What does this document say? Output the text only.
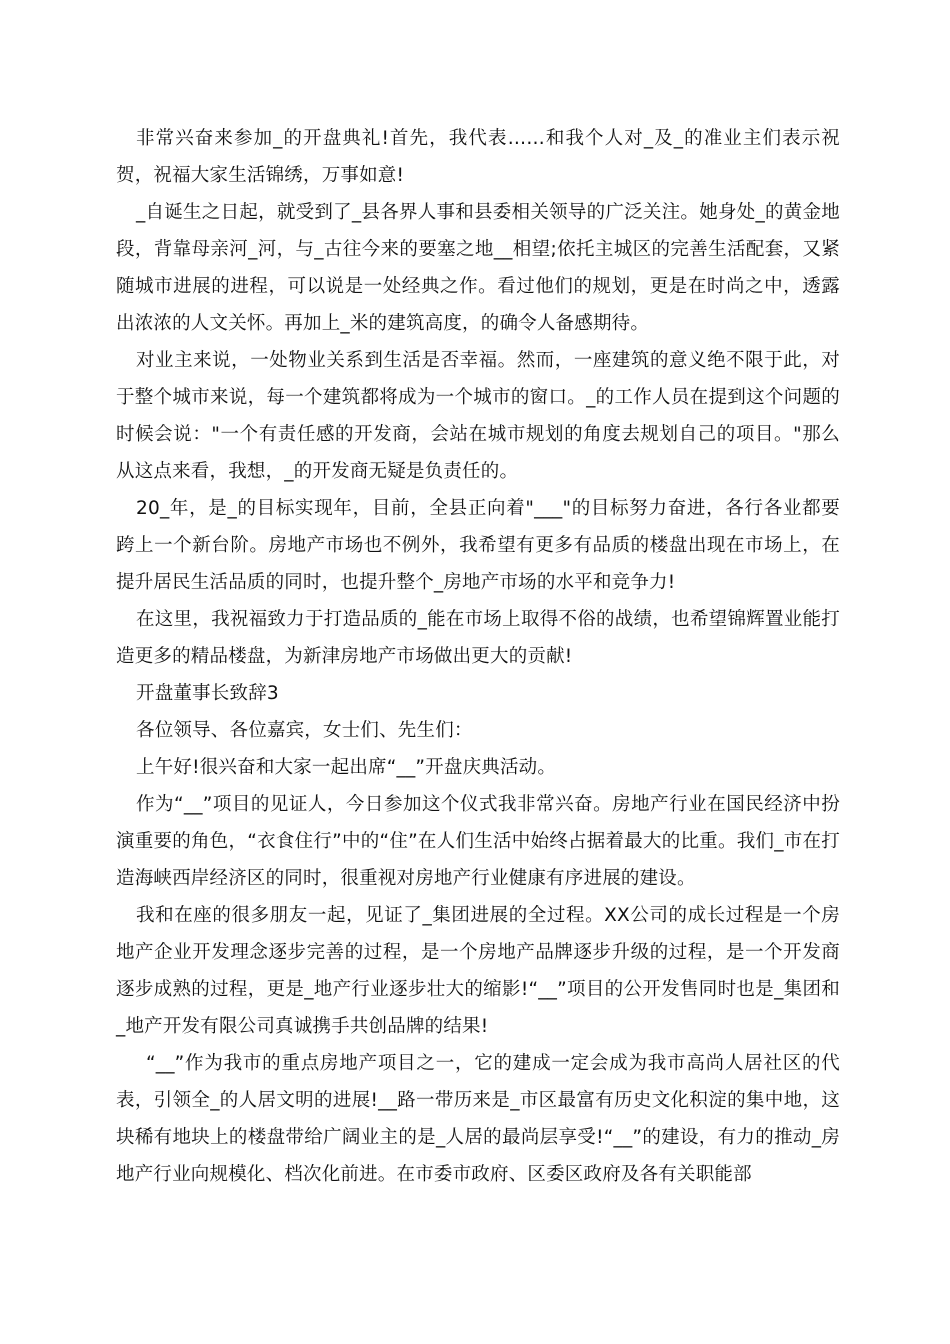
非常兴奋来参加_的开盘典礼!首先，我代表……和我个人对_及_的准业主们表示祝贺，祝福大家生活锦绣，万事如意!

_自诞生之日起，就受到了_县各界人事和县委相关领导的广泛关注。她身处_的黄金地段，背靠母亲河_河，与_古往今来的要塞之地__相望;依托主城区的完善生活配套，又紧随城市进展的进程，可以说是一处经典之作。看过他们的规划，更是在时尚之中，透露出浓浓的人文关怀。再加上_米的建筑高度，的确令人备感期待。

对业主来说，一处物业关系到生活是否幸福。然而，一座建筑的意义绝不限于此，对于整个城市来说，每一个建筑都将成为一个城市的窗口。_的工作人员在提到这个问题的时候会说："一个有责任感的开发商，会站在城市规划的角度去规划自己的项目。"那么从这点来看，我想，_的开发商无疑是负责任的。

20_年，是_的目标实现年，目前，全县正向着"___"的目标努力奋进，各行各业都要跨上一个新台阶。房地产市场也不例外，我希望有更多有品质的楼盘出现在市场上，在提升居民生活品质的同时，也提升整个_房地产市场的水平和竞争力!

在这里，我祝福致力于打造品质的_能在市场上取得不俗的战绩，也希望锦辉置业能打造更多的精品楼盘，为新津房地产市场做出更大的贡献!

开盘董事长致辞3

各位领导、各位嘉宾，女士们、先生们：

上午好!很兴奋和大家一起出席“__”开盘庆典活动。

作为“__”项目的见证人，今日参加这个仪式我非常兴奋。房地产行业在国民经济中扮演重要的角色，“衣食住行”中的“住”在人们生活中始终占据着最大的比重。我们_市在打造海峡西岸经济区的同时，很重视对房地产行业健康有序进展的建设。

我和在座的很多朋友一起，见证了_集团进展的全过程。XX公司的成长过程是一个房地产企业开发理念逐步完善的过程，是一个房地产品牌逐步升级的过程，是一个开发商逐步成熟的过程，更是_地产行业逐步壮大的缩影!“__”项目的公开发售同时也是_集团和_地产开发有限公司真诚携手共创品牌的结果!

“__”作为我市的重点房地产项目之一，它的建成一定会成为我市高尚人居社区的代表，引领全_的人居文明的进展!__路一带历来是_市区最富有历史文化积淀的集中地，这块稀有地块上的楼盘带给广阔业主的是_人居的最尚层享受!“__”的建设，有力的推动_房地产行业向规模化、档次化前进。在市委市政府、区委区政府及各有关职能部
